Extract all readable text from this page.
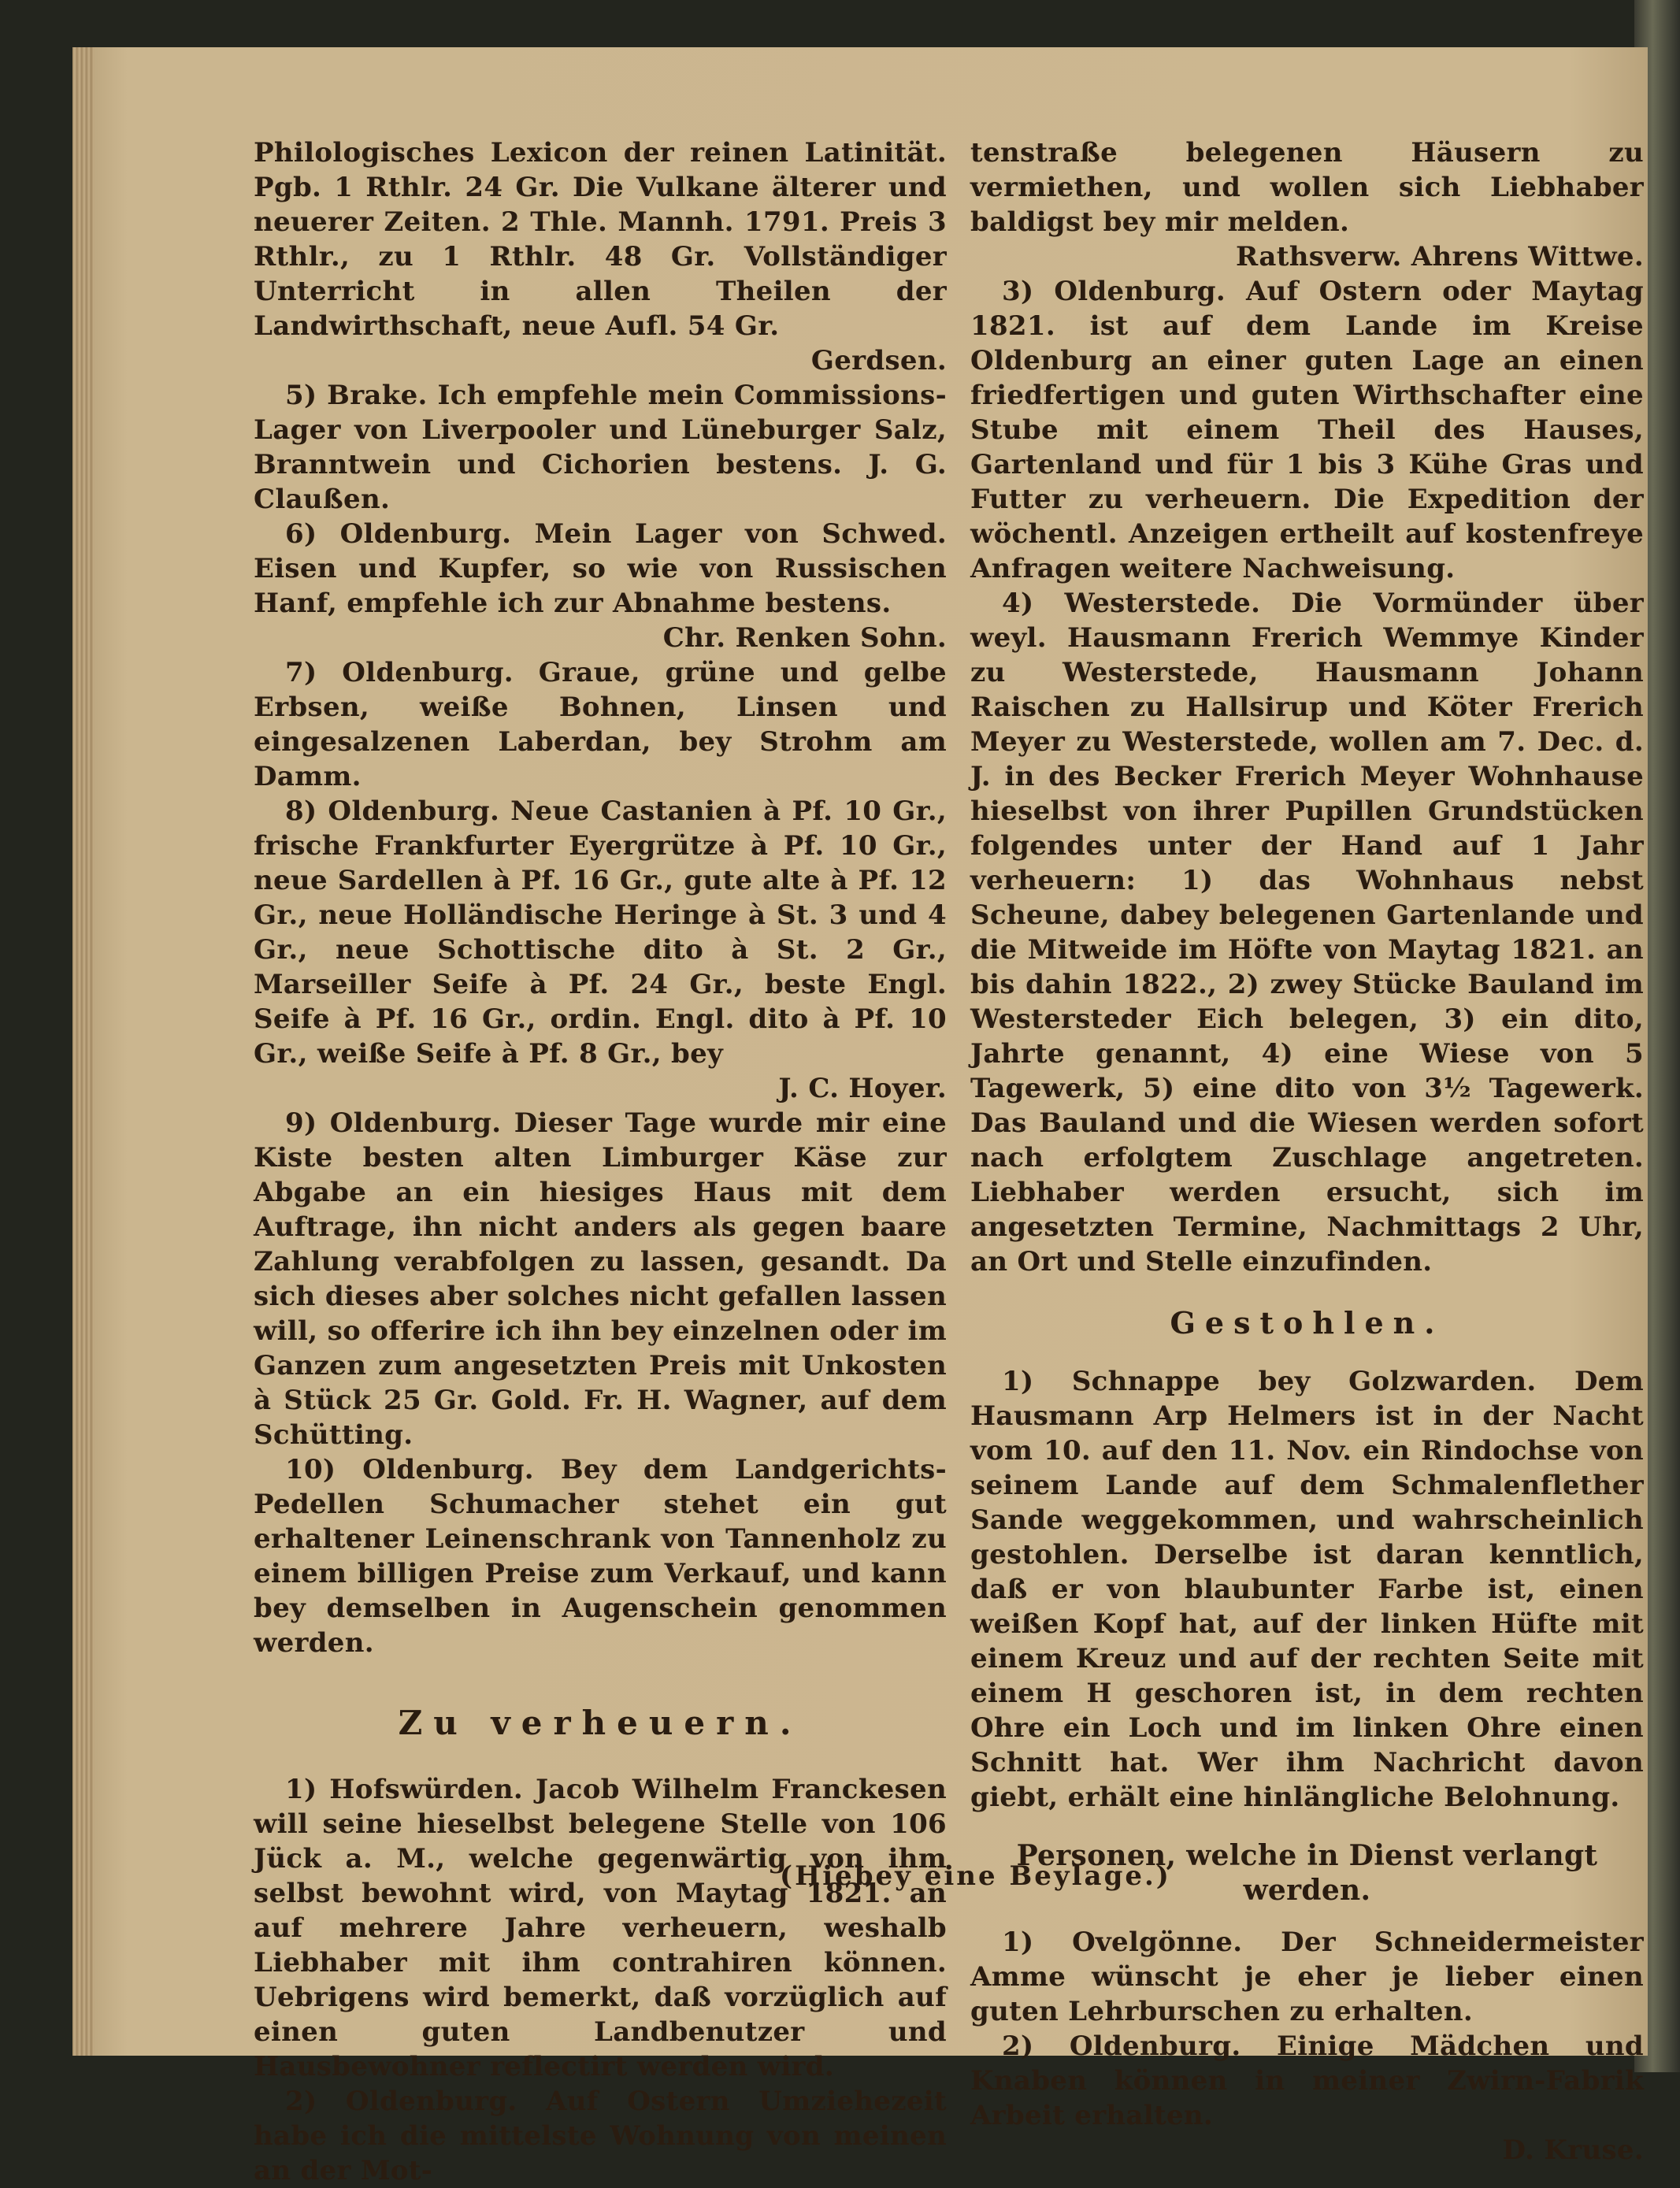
Philologisches Lexicon der reinen Latinität. Pgb. 1 Rthlr. 24 Gr. Die Vulkane älterer und neuerer Zeiten. 2 Thle. Mannh. 1791. Preis 3 Rthlr., zu 1 Rthlr. 48 Gr. Vollständiger Unterricht in allen Theilen der Landwirthschaft, neue Aufl. 54 Gr.

Gerdsen.

5) Brake. Ich empfehle mein Commissions-Lager von Liverpooler und Lüneburger Salz, Branntwein und Cichorien bestens. J. G. Claußen.

6) Oldenburg. Mein Lager von Schwed. Eisen und Kupfer, so wie von Russischen Hanf, empfehle ich zur Abnahme bestens.

Chr. Renken Sohn.

7) Oldenburg. Graue, grüne und gelbe Erbsen, weiße Bohnen, Linsen und eingesalzenen Laberdan, bey Strohm am Damm.

8) Oldenburg. Neue Castanien à Pf. 10 Gr., frische Frankfurter Eyergrütze à Pf. 10 Gr., neue Sardellen à Pf. 16 Gr., gute alte à Pf. 12 Gr., neue Holländische Heringe à St. 3 und 4 Gr., neue Schottische dito à St. 2 Gr., Marseiller Seife à Pf. 24 Gr., beste Engl. Seife à Pf. 16 Gr., ordin. Engl. dito à Pf. 10 Gr., weiße Seife à Pf. 8 Gr., bey

J. C. Hoyer.

9) Oldenburg. Dieser Tage wurde mir eine Kiste besten alten Limburger Käse zur Abgabe an ein hiesiges Haus mit dem Auftrage, ihn nicht anders als gegen baare Zahlung verabfolgen zu lassen, gesandt. Da sich dieses aber solches nicht gefallen lassen will, so offerire ich ihn bey einzelnen oder im Ganzen zum angesetzten Preis mit Unkosten à Stück 25 Gr. Gold. Fr. H. Wagner, auf dem Schütting.

10) Oldenburg. Bey dem Landgerichts-Pedellen Schumacher stehet ein gut erhaltener Leinenschrank von Tannenholz zu einem billigen Preise zum Verkauf, und kann bey demselben in Augenschein genommen werden.

Zu verheuern.

1) Hofswürden. Jacob Wilhelm Franckesen will seine hieselbst belegene Stelle von 106 Jück a. M., welche gegenwärtig von ihm selbst bewohnt wird, von Maytag 1821. an auf mehrere Jahre verheuern, weshalb Liebhaber mit ihm contrahiren können. Uebrigens wird bemerkt, daß vorzüglich auf einen guten Landbenutzer und Hausbewohner reflectirt werden wird.

2) Oldenburg. Auf Ostern Umziehezeit habe ich die mittelste Wohnung von meinen an der Mot-

tenstraße belegenen Häusern zu vermiethen, und wollen sich Liebhaber baldigst bey mir melden.

Rathsverw. Ahrens Wittwe.

3) Oldenburg. Auf Ostern oder Maytag 1821. ist auf dem Lande im Kreise Oldenburg an einer guten Lage an einen friedfertigen und guten Wirthschafter eine Stube mit einem Theil des Hauses, Gartenland und für 1 bis 3 Kühe Gras und Futter zu verheuern. Die Expedition der wöchentl. Anzeigen ertheilt auf kostenfreye Anfragen weitere Nachweisung.

4) Westerstede. Die Vormünder über weyl. Hausmann Frerich Wemmye Kinder zu Westerstede, Hausmann Johann Raischen zu Hallsirup und Köter Frerich Meyer zu Westerstede, wollen am 7. Dec. d. J. in des Becker Frerich Meyer Wohnhause hieselbst von ihrer Pupillen Grundstücken folgendes unter der Hand auf 1 Jahr verheuern: 1) das Wohnhaus nebst Scheune, dabey belegenen Gartenlande und die Mitweide im Höfte von Maytag 1821. an bis dahin 1822., 2) zwey Stücke Bauland im Westersteder Eich belegen, 3) ein dito, Jahrte genannt, 4) eine Wiese von 5 Tagewerk, 5) eine dito von 3½ Tagewerk. Das Bauland und die Wiesen werden sofort nach erfolgtem Zuschlage angetreten. Liebhaber werden ersucht, sich im angesetzten Termine, Nachmittags 2 Uhr, an Ort und Stelle einzufinden.

Gestohlen.

1) Schnappe bey Golzwarden. Dem Hausmann Arp Helmers ist in der Nacht vom 10. auf den 11. Nov. ein Rindochse von seinem Lande auf dem Schmalenflether Sande weggekommen, und wahrscheinlich gestohlen. Derselbe ist daran kenntlich, daß er von blaubunter Farbe ist, einen weißen Kopf hat, auf der linken Hüfte mit einem Kreuz und auf der rechten Seite mit einem H geschoren ist, in dem rechten Ohre ein Loch und im linken Ohre einen Schnitt hat. Wer ihm Nachricht davon giebt, erhält eine hinlängliche Belohnung.

Personen, welche in Dienst verlangt werden.

1) Ovelgönne. Der Schneidermeister Amme wünscht je eher je lieber einen guten Lehrburschen zu erhalten.

2) Oldenburg. Einige Mädchen und Knaben können in meiner Zwirn-Fabrik Arbeit erhalten.

D. Kruse.

(Hiebey eine Beylage.)
